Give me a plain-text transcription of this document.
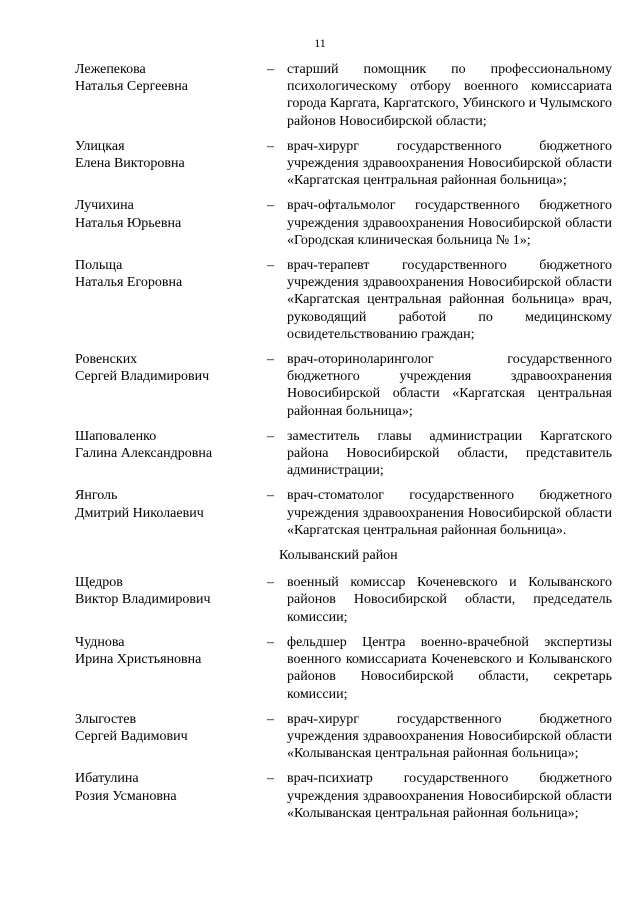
11
Лежепекова
Наталья Сергеевна
– старший помощник по профессиональному психологическому отбору военного комиссариата города Каргата, Каргатского, Убинского и Чулымского районов Новосибирской области;
Улицкая
Елена Викторовна
– врач-хирург государственного бюджетного учреждения здравоохранения Новосибирской области «Каргатская центральная районная больница»;
Лучихина
Наталья Юрьевна
– врач-офтальмолог государственного бюджетного учреждения здравоохранения Новосибирской области «Городская клиническая больница № 1»;
Польща
Наталья Егоровна
– врач-терапевт государственного бюджетного учреждения здравоохранения Новосибирской области «Каргатская центральная районная больница» врач, руководящий работой по медицинскому освидетельствованию граждан;
Ровенских
Сергей Владимирович
– врач-оториноларинголог государственного бюджетного учреждения здравоохранения Новосибирской области «Каргатская центральная районная больница»;
Шаповаленко
Галина Александровна
– заместитель главы администрации Каргатского района Новосибирской области, представитель администрации;
Янголь
Дмитрий Николаевич
– врач-стоматолог государственного бюджетного учреждения здравоохранения Новосибирской области «Каргатская центральная районная больница».
Колыванский район
Щедров
Виктор Владимирович
– военный комиссар Коченевского и Колыванского районов Новосибирской области, председатель комиссии;
Чуднова
Ирина Христьяновна
– фельдшер Центра военно-врачебной экспертизы военного комиссариата Коченевского и Колыванского районов Новосибирской области, секретарь комиссии;
Злыгостев
Сергей Вадимович
– врач-хирург государственного бюджетного учреждения здравоохранения Новосибирской области «Колыванская центральная районная больница»;
Ибатулина
Розия Усмановна
– врач-психиатр государственного бюджетного учреждения здравоохранения Новосибирской области «Колыванская центральная районная больница»;
